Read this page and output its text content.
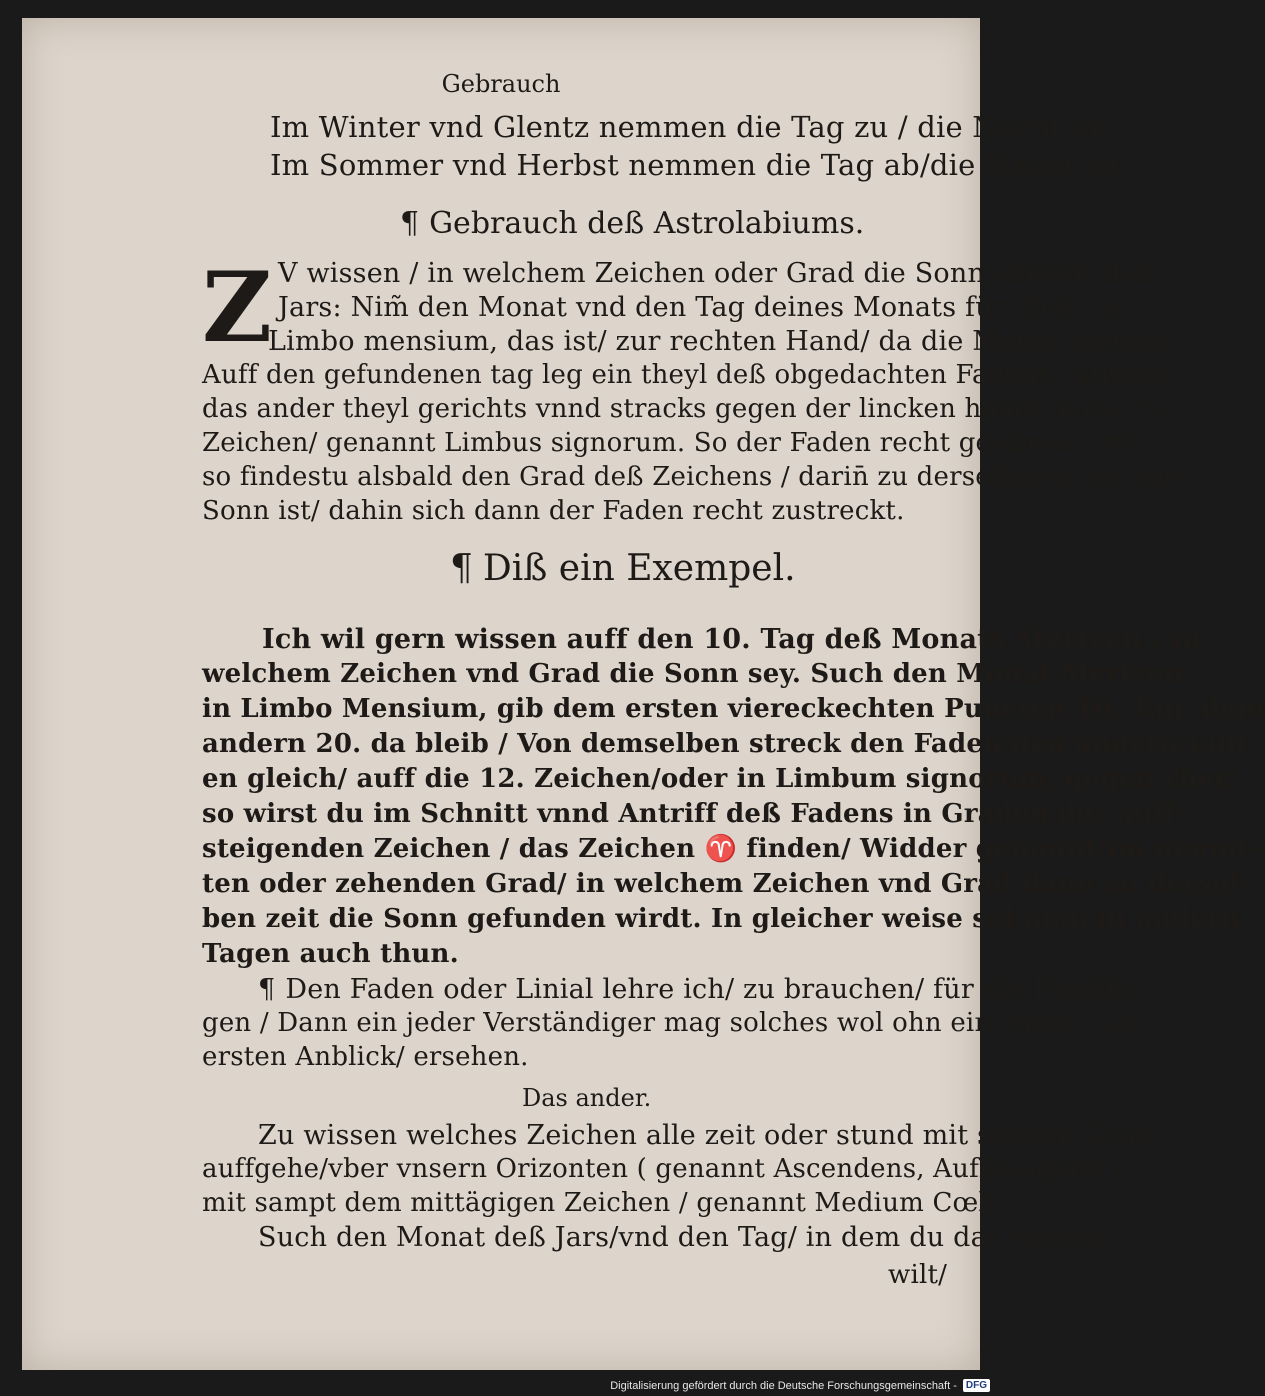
Gebrauch
Im Winter vnd Glentz nemmen die Tag zu / die Nacht ab.
Im Sommer vnd Herbst nemmen die Tag ab/die Nacht zu.
¶ Gebrauch deß Astrolabiums.
Z V wissen / in welchem Zeichen oder Grad die Sonn allezeit deß
Jars: Nim̃ den Monat vnd den Tag deines Monats für dich/ in
Limbo mensium, das ist/ zur rechten Hand/ da die Monat stehen/
Auff den gefundenen tag leg ein theyl deß obgedachten Fadens / strecke
das ander theyl gerichts vnnd stracks gegen der lincken handt in die 12.
Zeichen/ genannt Limbus signorum. So der Faden recht gestreckt ist/
so findestu alsbald den Grad deß Zeichens / darin̄ zu derselbigen zeit die
Sonn ist/ dahin sich dann der Faden recht zustreckt.
¶ Diß ein Exempel.
Ich wil gern wissen auff den 10. Tag deß Monats Mertzen / in
welchem Zeichen vnd Grad die Sonn sey. Such den Monat Mertzen
in Limbo Mensium, gib dem ersten viereckechten Puncten 10. Tag/ dem
andern 20. da bleib / Von demselben streck den Faden den andern Lini-
en gleich/ auff die 12. Zeichen/oder in Limbum signorum, gegen vber/
so wirst du im Schnitt vnnd Antriff deß Fadens in Graden der auff-
steigenden Zeichen / das Zeichen ♈ finden/ Widder genannt/im neund-
ten oder zehenden Grad/ in welchem Zeichen vnd Grad dann zu dersel-
ben zeit die Sonn gefunden wirdt. In gleicher weise sol man in andern
Tagen auch thun.
¶ Den Faden oder Linial lehre ich/ zu brauchen/ für die Einfälti-
gen / Dann ein jeder Verständiger mag solches wol ohn ein Faden / im
ersten Anblick/ ersehen.
Das ander.
Zu wissen welches Zeichen alle zeit oder stund mit seinem Grad
auffgehe/vber vnsern Orizonten ( genannt Ascendens, Auffsteigend )
mit sampt dem mittägigen Zeichen / genannt Medium Cœli.
Such den Monat deß Jars/vnd den Tag/ in dem du das wissen
wilt/
Digitalisierung gefördert durch die Deutsche Forschungsgemeinschaft - DFG
